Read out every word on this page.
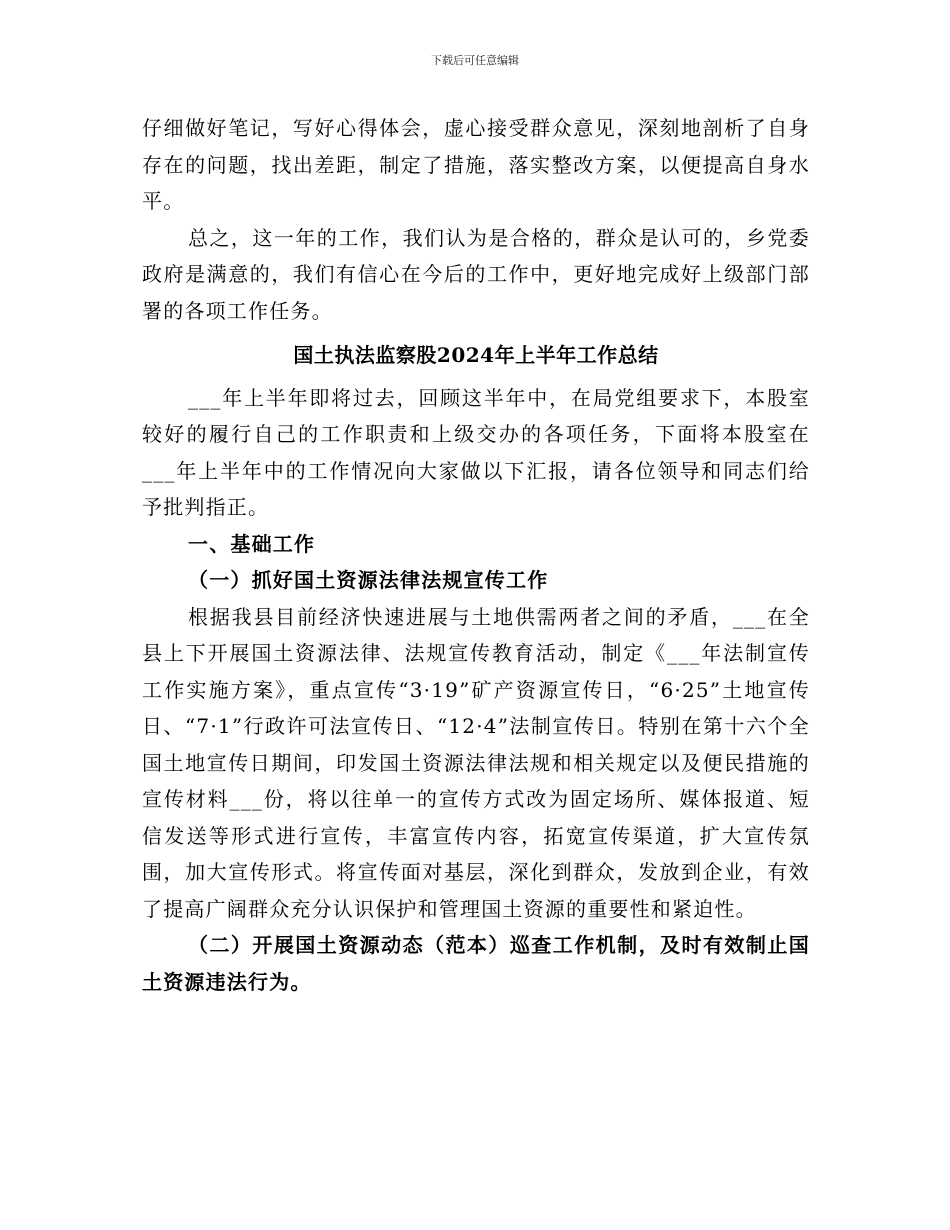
下载后可任意编辑

仔细做好笔记，写好心得体会，虚心接受群众意见，深刻地剖析了自身存在的问题，找出差距，制定了措施，落实整改方案，以便提高自身水平。

总之，这一年的工作，我们认为是合格的，群众是认可的，乡党委政府是满意的，我们有信心在今后的工作中，更好地完成好上级部门部署的各项工作任务。

国土执法监察股2024年上半年工作总结

___年上半年即将过去，回顾这半年中，在局党组要求下，本股室较好的履行自己的工作职责和上级交办的各项任务，下面将本股室在___年上半年中的工作情况向大家做以下汇报，请各位领导和同志们给予批判指正。

一、基础工作

（一）抓好国土资源法律法规宣传工作

根据我县目前经济快速进展与土地供需两者之间的矛盾，___在全县上下开展国土资源法律、法规宣传教育活动，制定《___年法制宣传工作实施方案》，重点宣传“3·19”矿产资源宣传日，“6·25”土地宣传日、“7·1”行政许可法宣传日、“12·4”法制宣传日。特别在第十六个全国土地宣传日期间，印发国土资源法律法规和相关规定以及便民措施的宣传材料___份，将以往单一的宣传方式改为固定场所、媒体报道、短信发送等形式进行宣传，丰富宣传内容，拓宽宣传渠道，扩大宣传氛围，加大宣传形式。将宣传面对基层，深化到群众，发放到企业，有效了提高广阔群众充分认识保护和管理国土资源的重要性和紧迫性。

（二）开展国土资源动态（范本）巡查工作机制，及时有效制止国土资源违法行为。
